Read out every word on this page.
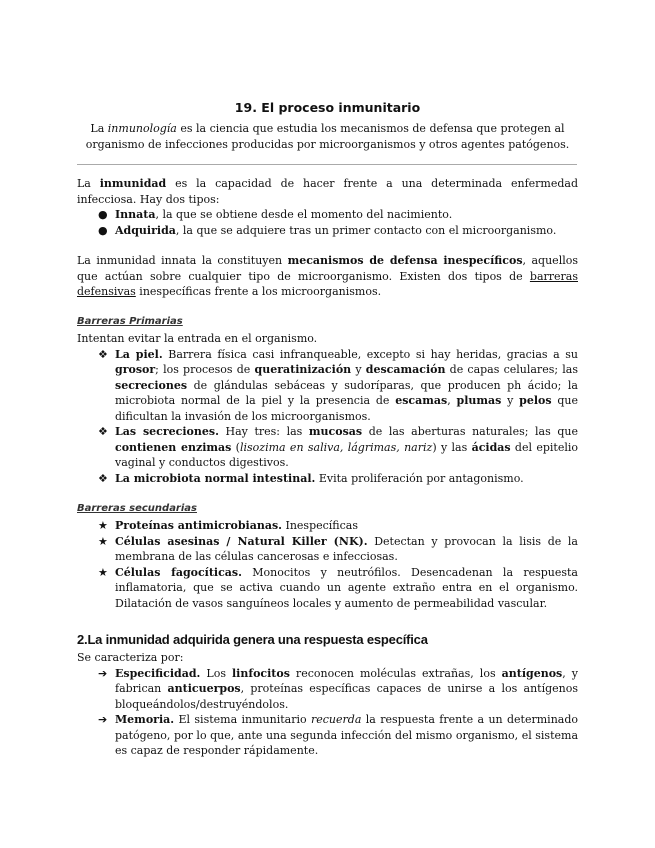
19. El proceso inmunitario
La inmunología es la ciencia que estudia los mecanismos de defensa que protegen al organismo de infecciones producidas por microorganismos y otros agentes patógenos.
La inmunidad es la capacidad de hacer frente a una determinada enfermedad infecciosa. Hay dos tipos:
● Innata, la que se obtiene desde el momento del nacimiento.
● Adquirida, la que se adquiere tras un primer contacto con el microorganismo.
La inmunidad innata la constituyen mecanismos de defensa inespecíficos, aquellos que actúan sobre cualquier tipo de microorganismo. Existen dos tipos de barreras defensivas inespecíficas frente a los microorganismos.
Barreras Primarias
Intentan evitar la entrada en el organismo.
❖ La piel. Barrera física casi infranqueable, excepto si hay heridas, gracias a su grosor; los procesos de queratinización y descamación de capas celulares; las secreciones de glándulas sebáceas y sudoríparas, que producen ph ácido; la microbiota normal de la piel y la presencia de escamas, plumas y pelos que dificultan la invasión de los microorganismos.
❖ Las secreciones. Hay tres: las mucosas de las aberturas naturales; las que contienen enzimas (lisozima en saliva, lágrimas, nariz) y las ácidas del epitelio vaginal y conductos digestivos.
❖ La microbiota normal intestinal. Evita proliferación por antagonismo.
Barreras secundarias
★ Proteínas antimicrobianas. Inespecíficas
★ Células asesinas / Natural Killer (NK). Detectan y provocan la lisis de la membrana de las células cancerosas e infecciosas.
★ Células fagocíticas. Monocitos y neutrófilos. Desencadenan la respuesta inflamatoria, que se activa cuando un agente extraño entra en el organismo. Dilatación de vasos sanguíneos locales y aumento de permeabilidad vascular.
2.La inmunidad adquirida genera una respuesta específica
Se caracteriza por:
➔ Especificidad. Los linfocitos reconocen moléculas extrañas, los antígenos, y fabrican anticuerpos, proteínas específicas capaces de unirse a los antígenos bloqueándolos/destruyéndolos.
➔ Memoria. El sistema inmunitario recuerda la respuesta frente a un determinado patógeno, por lo que, ante una segunda infección del mismo organismo, el sistema es capaz de responder rápidamente.
